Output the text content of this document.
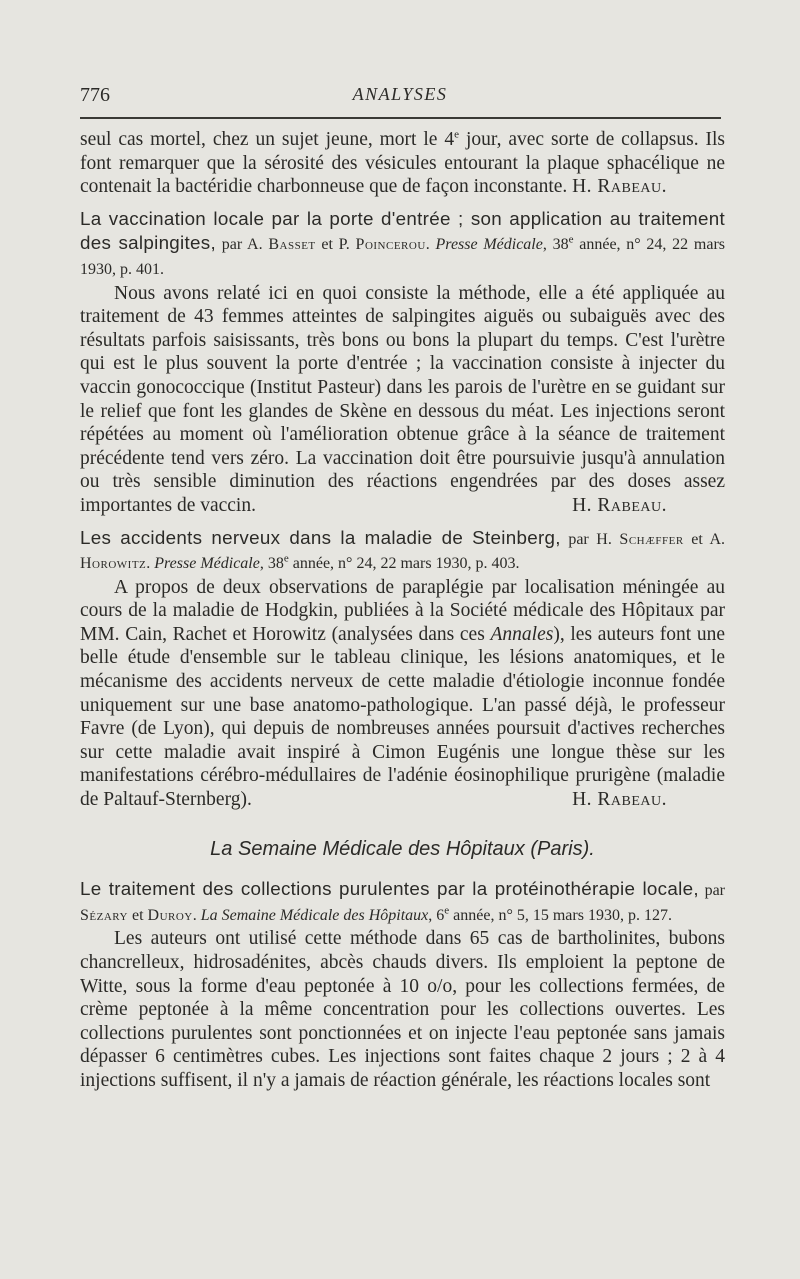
776	ANALYSES

seul cas mortel, chez un sujet jeune, mort le 4e jour, avec sorte de collapsus. Ils font remarquer que la sérosité des vésicules entourant la plaque sphacélique ne contenait la bactéridie charbonneuse que de façon inconstante. H. Rabeau.

La vaccination locale par la porte d'entrée ; son application au traitement des salpingites, par A. Basset et P. Poincerou. Presse Médicale, 38e année, n° 24, 22 mars 1930, p. 401.

Nous avons relaté ici en quoi consiste la méthode, elle a été appliquée au traitement de 43 femmes atteintes de salpingites aiguës ou subaiguës avec des résultats parfois saisissants, très bons ou bons la plupart du temps. C'est l'urètre qui est le plus souvent la porte d'entrée ; la vaccination consiste à injecter du vaccin gonococcique (Institut Pasteur) dans les parois de l'urètre en se guidant sur le relief que font les glandes de Skène en dessous du méat. Les injections seront répétées au moment où l'amélioration obtenue grâce à la séance de traitement précédente tend vers zéro. La vaccination doit être poursuivie jusqu'à annulation ou très sensible diminution des réactions engendrées par des doses assez importantes de vaccin.	H. Rabeau.

Les accidents nerveux dans la maladie de Steinberg, par H. Schæffer et A. Horowitz. Presse Médicale, 38e année, n° 24, 22 mars 1930, p. 403.

A propos de deux observations de paraplégie par localisation méningée au cours de la maladie de Hodgkin, publiées à la Société médicale des Hôpitaux par MM. Cain, Rachet et Horowitz (analysées dans ces Annales), les auteurs font une belle étude d'ensemble sur le tableau clinique, les lésions anatomiques, et le mécanisme des accidents nerveux de cette maladie d'étiologie inconnue fondée uniquement sur une base anatomo-pathologique. L'an passé déjà, le professeur Favre (de Lyon), qui depuis de nombreuses années poursuit d'actives recherches sur cette maladie avait inspiré à Cimon Eugénis une longue thèse sur les manifestations cérébro-médullaires de l'adénie éosinophilique prurigène (maladie de Paltauf-Sternberg).	H. Rabeau.

La Semaine Médicale des Hôpitaux (Paris).

Le traitement des collections purulentes par la protéinothérapie locale, par Sézary et Duroy. La Semaine Médicale des Hôpitaux, 6e année, n° 5, 15 mars 1930, p. 127.

Les auteurs ont utilisé cette méthode dans 65 cas de bartholinites, bubons chancrelleux, hidrosadénites, abcès chauds divers. Ils emploient la peptone de Witte, sous la forme d'eau peptonée à 10 o/o, pour les collections fermées, de crème peptonée à la même concentration pour les collections ouvertes. Les collections purulentes sont ponctionnées et on injecte l'eau peptonée sans jamais dépasser 6 centimètres cubes. Les injections sont faites chaque 2 jours ; 2 à 4 injections suffisent, il n'y a jamais de réaction générale, les réactions locales sont
